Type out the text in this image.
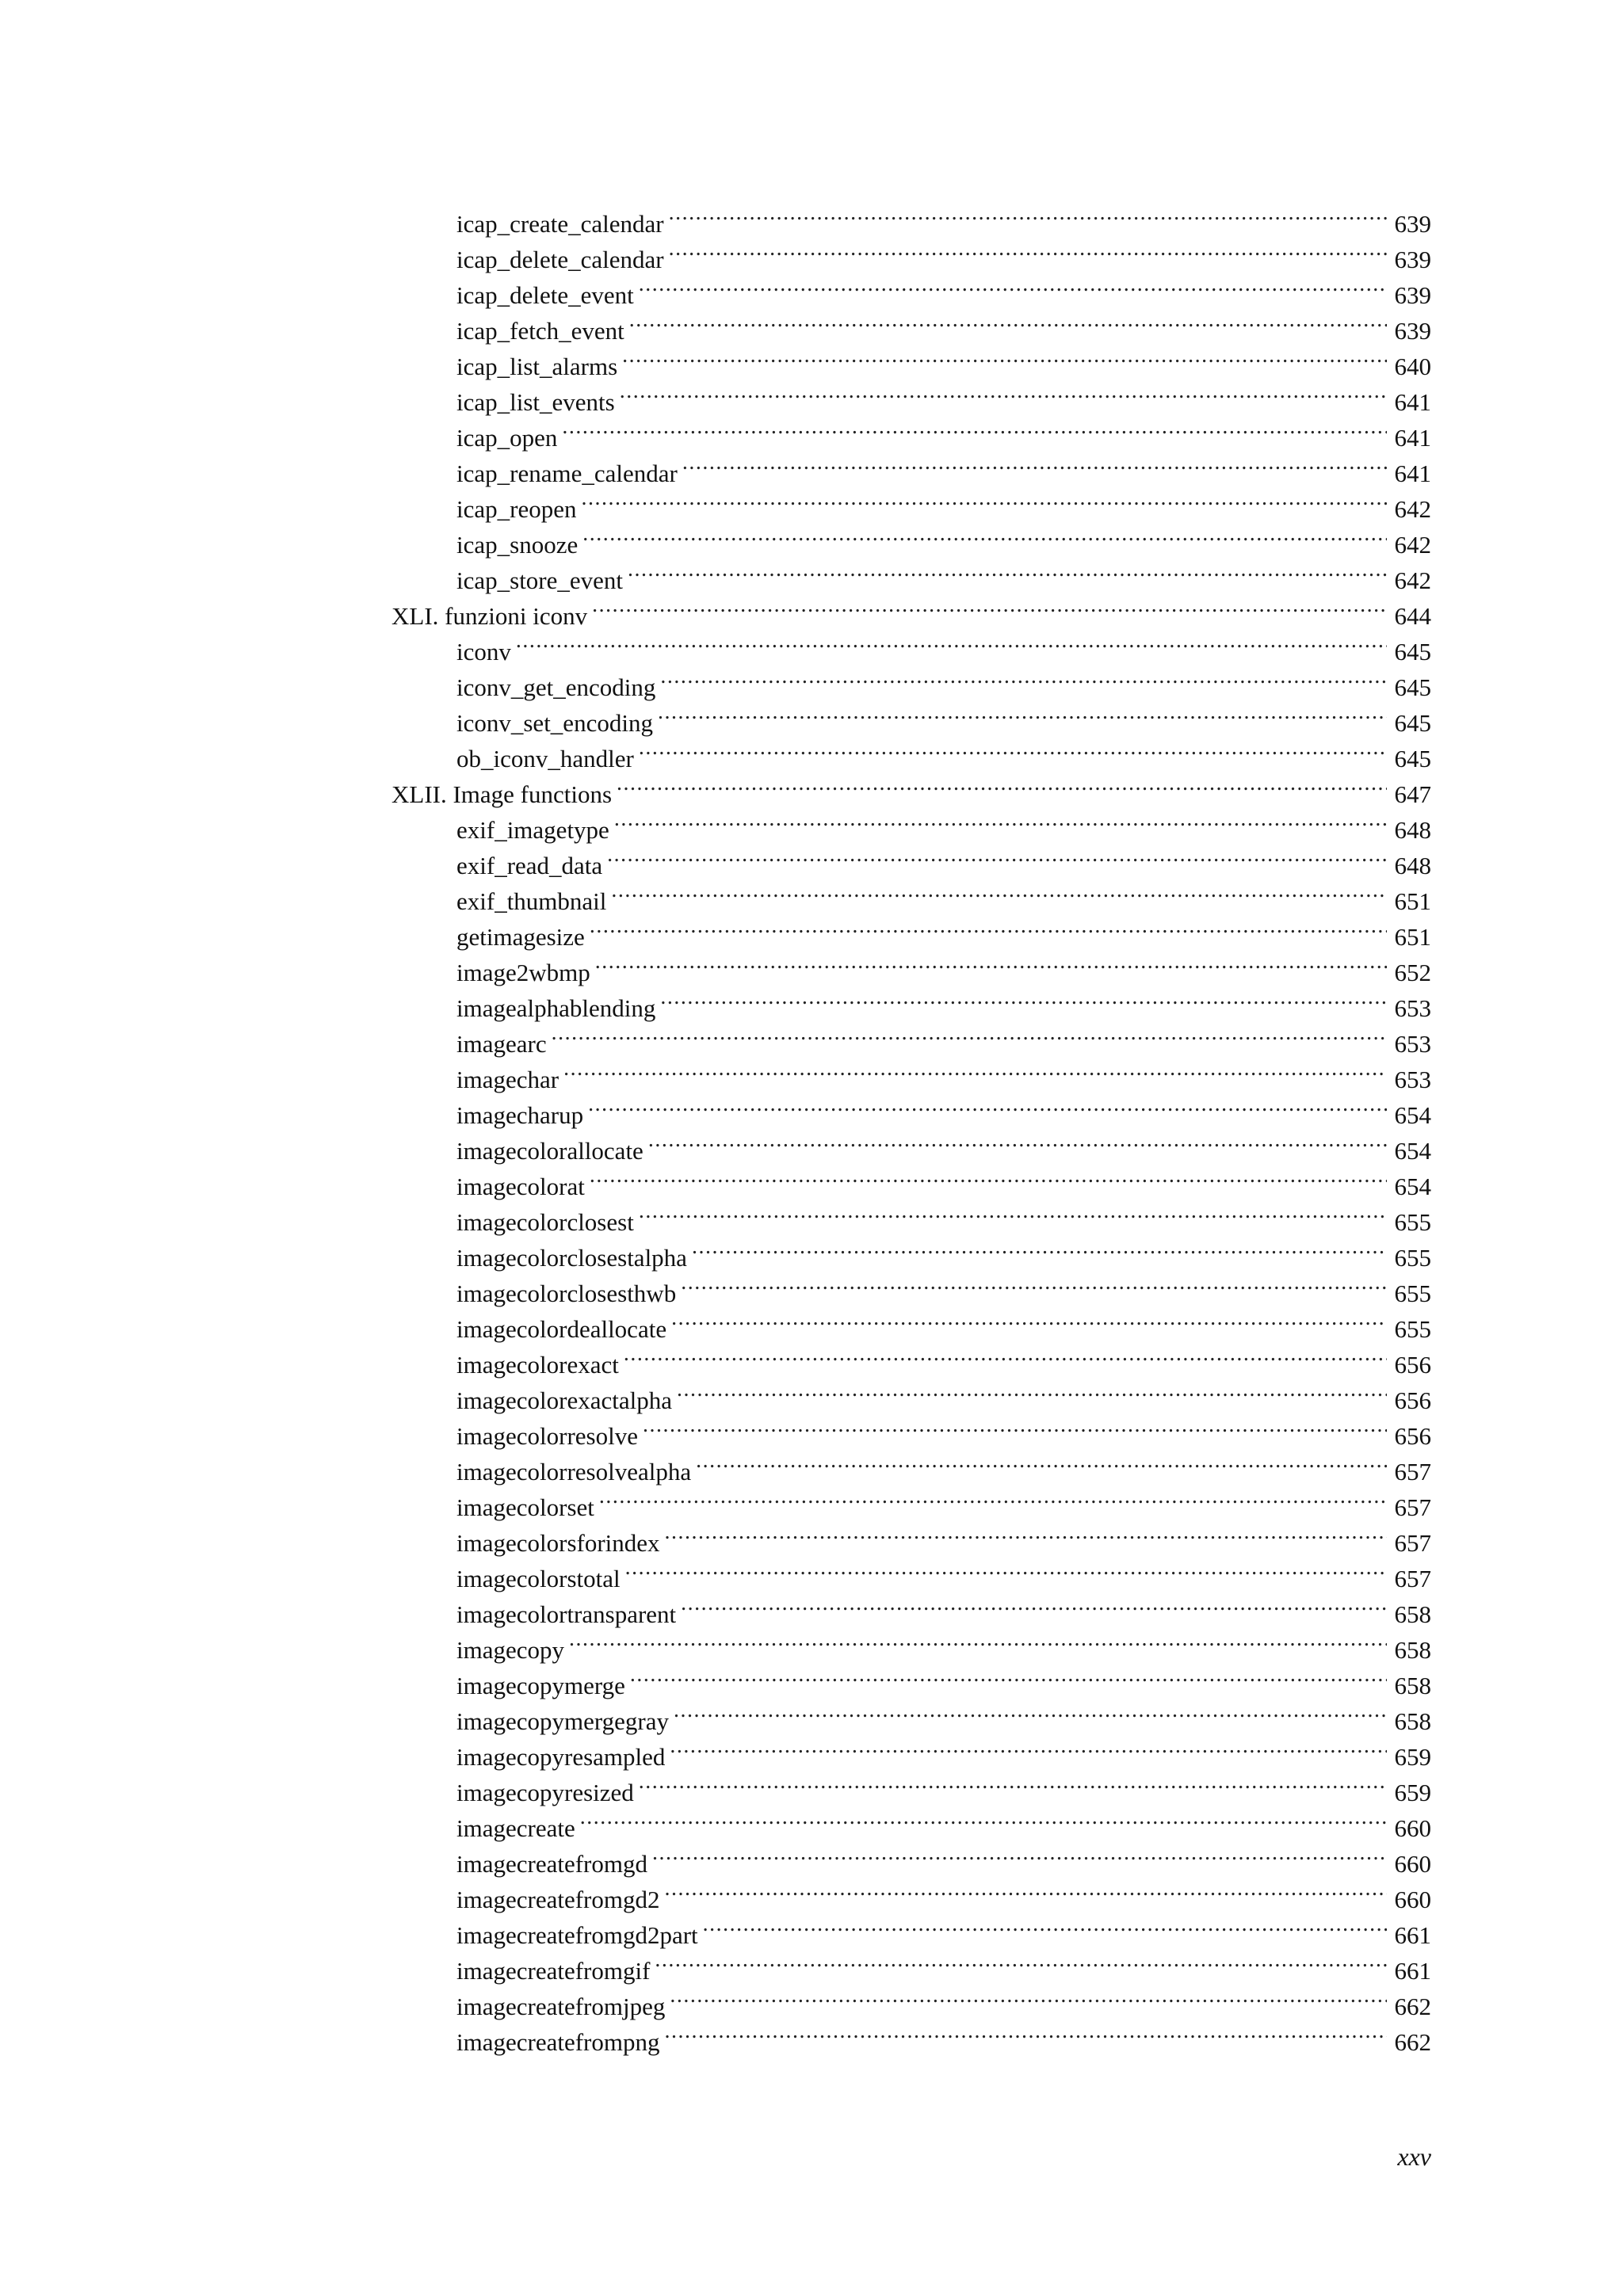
icap_create_calendar .....	639
icap_delete_calendar .....	639
icap_delete_event .....	639
icap_fetch_event .....	639
icap_list_alarms .....	640
icap_list_events .....	641
icap_open .....	641
icap_rename_calendar .....	641
icap_reopen .....	642
icap_snooze .....	642
icap_store_event .....	642
XLI. funzioni iconv .....	644
iconv .....	645
iconv_get_encoding .....	645
iconv_set_encoding .....	645
ob_iconv_handler .....	645
XLII. Image functions .....	647
exif_imagetype .....	648
exif_read_data .....	648
exif_thumbnail .....	651
getimagesize .....	651
image2wbmp .....	652
imagealphablending .....	653
imagearc .....	653
imagechar .....	653
imagecharup .....	654
imagecolorallocate .....	654
imagecolorat .....	654
imagecolorclosest .....	655
imagecolorclosestalpha .....	655
imagecolorclosesthwb .....	655
imagecolordeallocate .....	655
imagecolorexact .....	656
imagecolorexactalpha .....	656
imagecolorresolve .....	656
imagecolorresolvealpha .....	657
imagecolorset .....	657
imagecolorsforindex .....	657
imagecolorstotal .....	657
imagecolortransparent .....	658
imagecopy .....	658
imagecopymerge .....	658
imagecopymergegray .....	658
imagecopyresampled .....	659
imagecopyresized .....	659
imagecreate .....	660
imagecreatefromgd .....	660
imagecreatefromgd2 .....	660
imagecreatefromgd2part .....	661
imagecreatefromgif .....	661
imagecreatefromjpeg .....	662
imagecreatefrompng .....	662
xxv
